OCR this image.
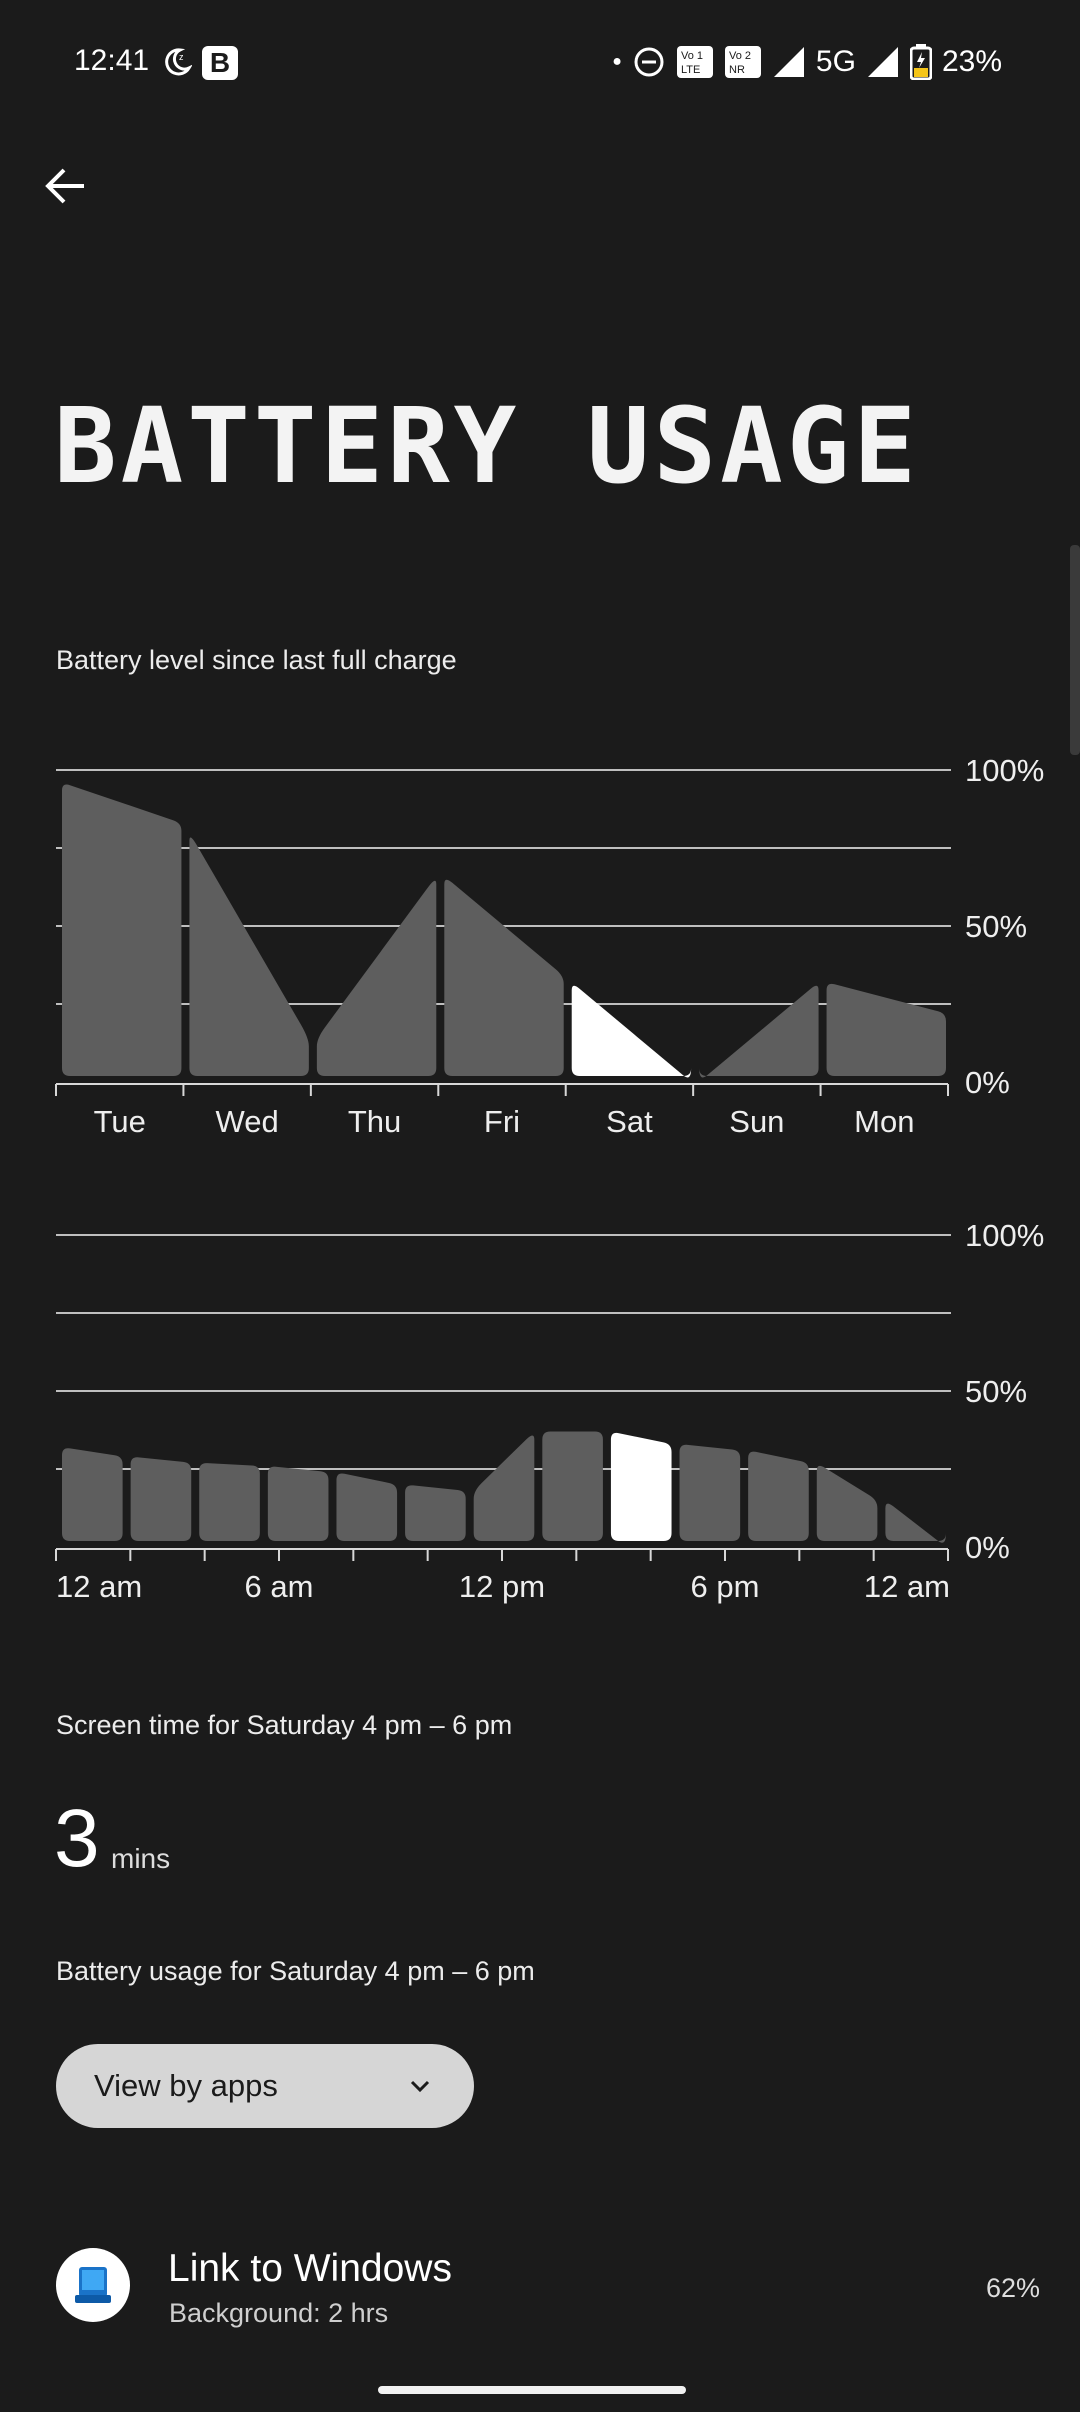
12:41	z B	●	Vo 1
LTE
Vo 2
NR 5G	23%
BATTERY USAGE
Battery level since last full charge
100%
50%
0%
Tue Wed Thu	Fri	Sat Sun Mon
100%
50%
0%
12 am	6 am	12 pm	6 pm	12 am
Screen time for Saturday 4 pm – 6 pm
3 mins
Battery usage for Saturday 4 pm – 6 pm
View by apps
Link to Windows
Background: 2 hrs
62%
